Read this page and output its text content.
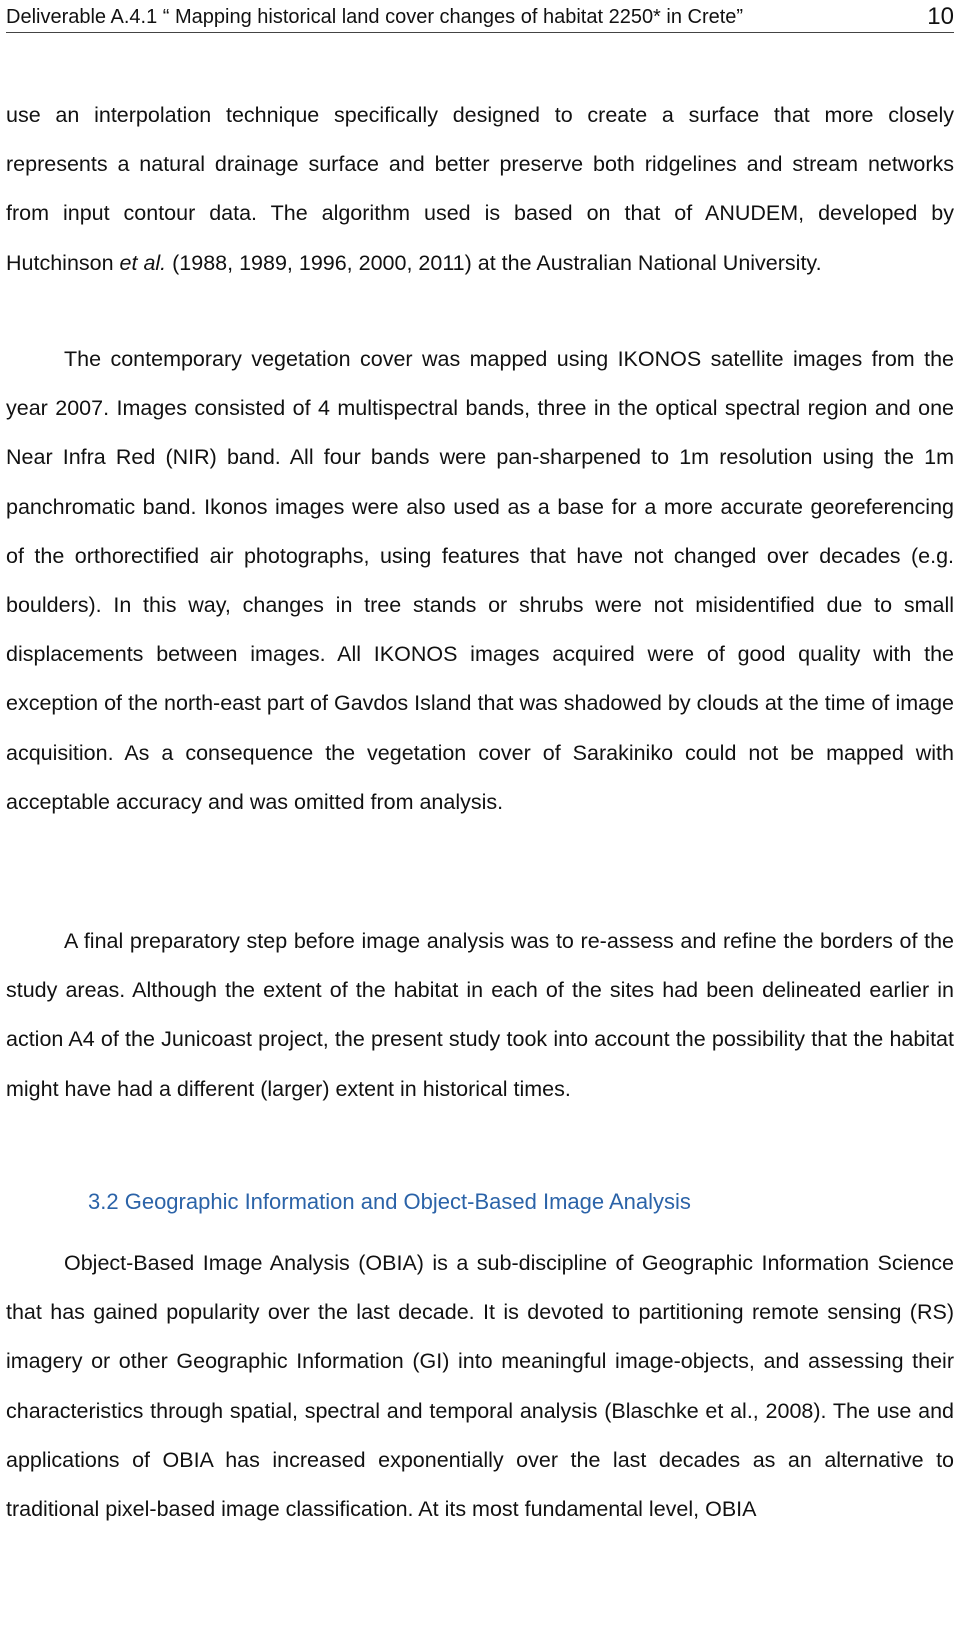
Deliverable A.4.1 “ Mapping historical land cover changes of habitat 2250* in Crete”	10

use an interpolation technique specifically designed to create a surface that more closely represents a natural drainage surface and better preserve both ridgelines and stream networks from input contour data. The algorithm used is based on that of ANUDEM, developed by Hutchinson et al. (1988, 1989, 1996, 2000, 2011) at the Australian National University.

The contemporary vegetation cover was mapped using IKONOS satellite images from the year 2007. Images consisted of 4 multispectral bands, three in the optical spectral region and one Near Infra Red (NIR) band. All four bands were pan-sharpened to 1m resolution using the 1m panchromatic band. Ikonos images were also used as a base for a more accurate georeferencing of the orthorectified air photographs, using features that have not changed over decades (e.g. boulders). In this way, changes in tree stands or shrubs were not misidentified due to small displacements between images. All IKONOS images acquired were of good quality with the exception of the north-east part of Gavdos Island that was shadowed by clouds at the time of image acquisition. As a consequence the vegetation cover of Sarakiniko could not be mapped with acceptable accuracy and was omitted from analysis.

A final preparatory step before image analysis was to re-assess and refine the borders of the study areas. Although the extent of the habitat in each of the sites had been delineated earlier in action A4 of the Junicoast project, the present study took into account the possibility that the habitat might have had a different (larger) extent in historical times.

3.2 Geographic Information and Object-Based Image Analysis

Object-Based Image Analysis (OBIA) is a sub-discipline of Geographic Information Science that has gained popularity over the last decade. It is devoted to partitioning remote sensing (RS) imagery or other Geographic Information (GI) into meaningful image-objects, and assessing their characteristics through spatial, spectral and temporal analysis (Blaschke et al., 2008). The use and applications of OBIA has increased exponentially over the last decades as an alternative to traditional pixel-based image classification. At its most fundamental level, OBIA
